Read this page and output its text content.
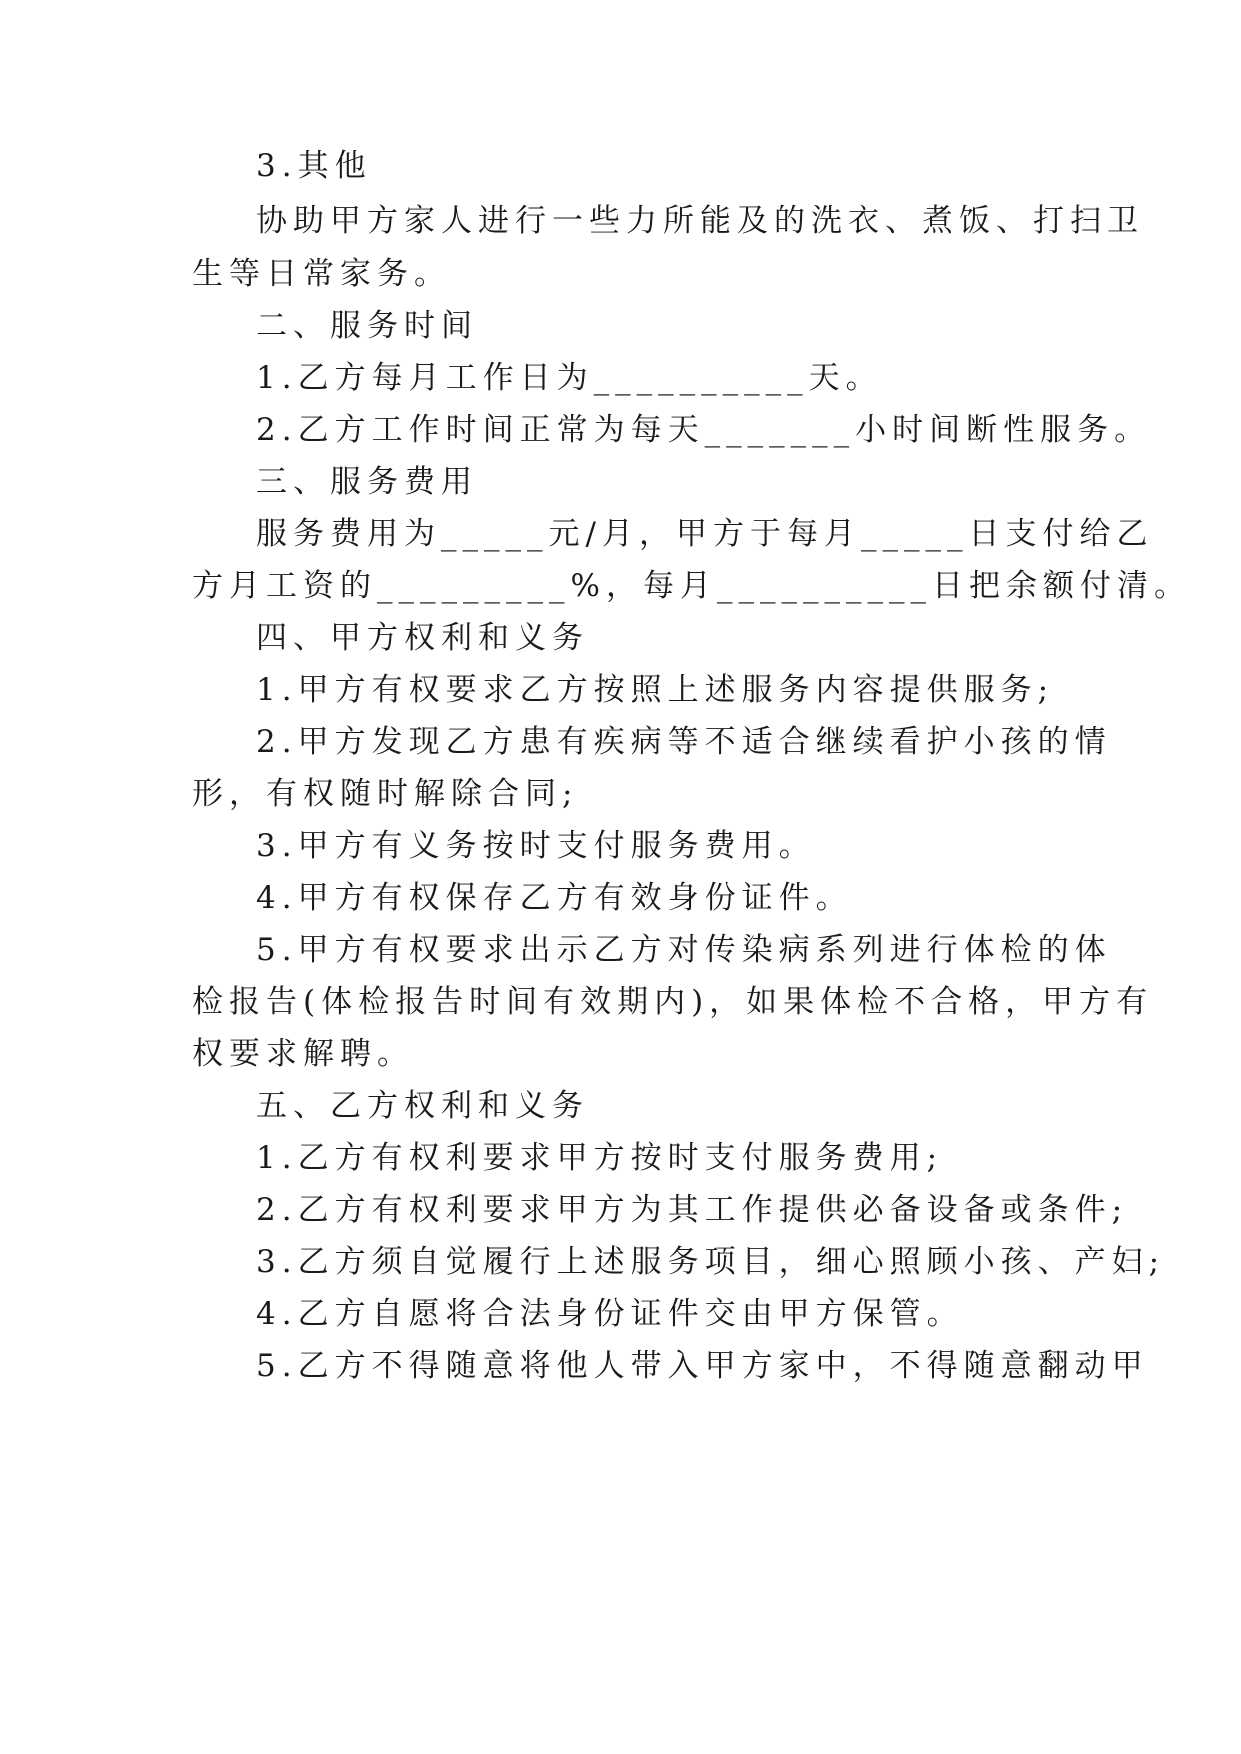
3.其他
协助甲方家人进行一些力所能及的洗衣、煮饭、打扫卫
生等日常家务。
二、服务时间
1.乙方每月工作日为__________天。
2.乙方工作时间正常为每天_______小时间断性服务。
三、服务费用
服务费用为_____元/月，甲方于每月_____日支付给乙
方月工资的_________%，每月__________日把余额付清。
四、甲方权利和义务
1.甲方有权要求乙方按照上述服务内容提供服务;
2.甲方发现乙方患有疾病等不适合继续看护小孩的情
形，有权随时解除合同;
3.甲方有义务按时支付服务费用。
4.甲方有权保存乙方有效身份证件。
5.甲方有权要求出示乙方对传染病系列进行体检的体
检报告(体检报告时间有效期内)，如果体检不合格，甲方有
权要求解聘。
五、乙方权利和义务
1.乙方有权利要求甲方按时支付服务费用;
2.乙方有权利要求甲方为其工作提供必备设备或条件;
3.乙方须自觉履行上述服务项目，细心照顾小孩、产妇;
4.乙方自愿将合法身份证件交由甲方保管。
5.乙方不得随意将他人带入甲方家中，不得随意翻动甲
